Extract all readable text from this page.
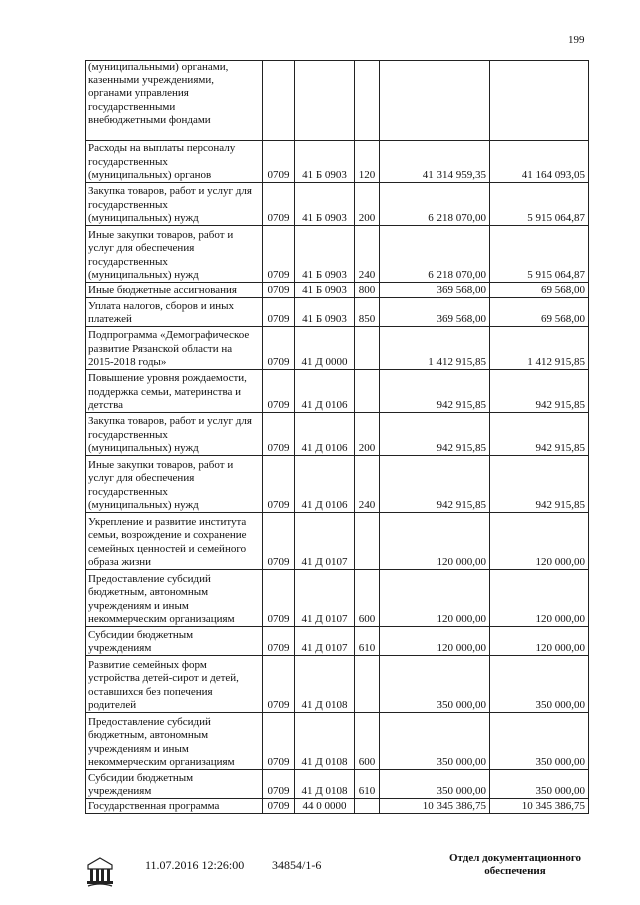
199
(муниципальными) органами,
казенными учреждениями,
органами управления
государственными
внебюджетными фондами					
Расходы на выплаты персоналу
государственных
(муниципальных) органов	0709	41 Б 0903	120	41 314 959,35	41 164 093,05
Закупка товаров, работ и услуг для
государственных
(муниципальных) нужд	0709	41 Б 0903	200	6 218 070,00	5 915 064,87
Иные закупки товаров, работ и
услуг для обеспечения
государственных
(муниципальных) нужд	0709	41 Б 0903	240	6 218 070,00	5 915 064,87
Иные бюджетные ассигнования	0709	41 Б 0903	800	369 568,00	69 568,00
Уплата налогов, сборов и иных
платежей	0709	41 Б 0903	850	369 568,00	69 568,00
Подпрограмма «Демографическое
развитие Рязанской области на
2015-2018 годы»	0709	41 Д 0000		1 412 915,85	1 412 915,85
Повышение уровня рождаемости,
поддержка семьи, материнства и
детства	0709	41 Д 0106		942 915,85	942 915,85
Закупка товаров, работ и услуг для
государственных
(муниципальных) нужд	0709	41 Д 0106	200	942 915,85	942 915,85
Иные закупки товаров, работ и
услуг для обеспечения
государственных
(муниципальных) нужд	0709	41 Д 0106	240	942 915,85	942 915,85
Укрепление и развитие института
семьи, возрождение и сохранение
семейных ценностей и семейного
образа жизни	0709	41 Д 0107		120 000,00	120 000,00
Предоставление субсидий
бюджетным, автономным
учреждениям и иным
некоммерческим организациям	0709	41 Д 0107	600	120 000,00	120 000,00
Субсидии бюджетным
учреждениям	0709	41 Д 0107	610	120 000,00	120 000,00
Развитие семейных форм
устройства детей-сирот и детей,
оставшихся без попечения
родителей	0709	41 Д 0108		350 000,00	350 000,00
Предоставление субсидий
бюджетным, автономным
учреждениям и иным
некоммерческим организациям	0709	41 Д 0108	600	350 000,00	350 000,00
Субсидии бюджетным
учреждениям	0709	41 Д 0108	610	350 000,00	350 000,00
Государственная программа	0709	44 0 0000		10 345 386,75	10 345 386,75
11.07.2016 12:26:00 34854/1-6	Отдел документационного
обеспечения
